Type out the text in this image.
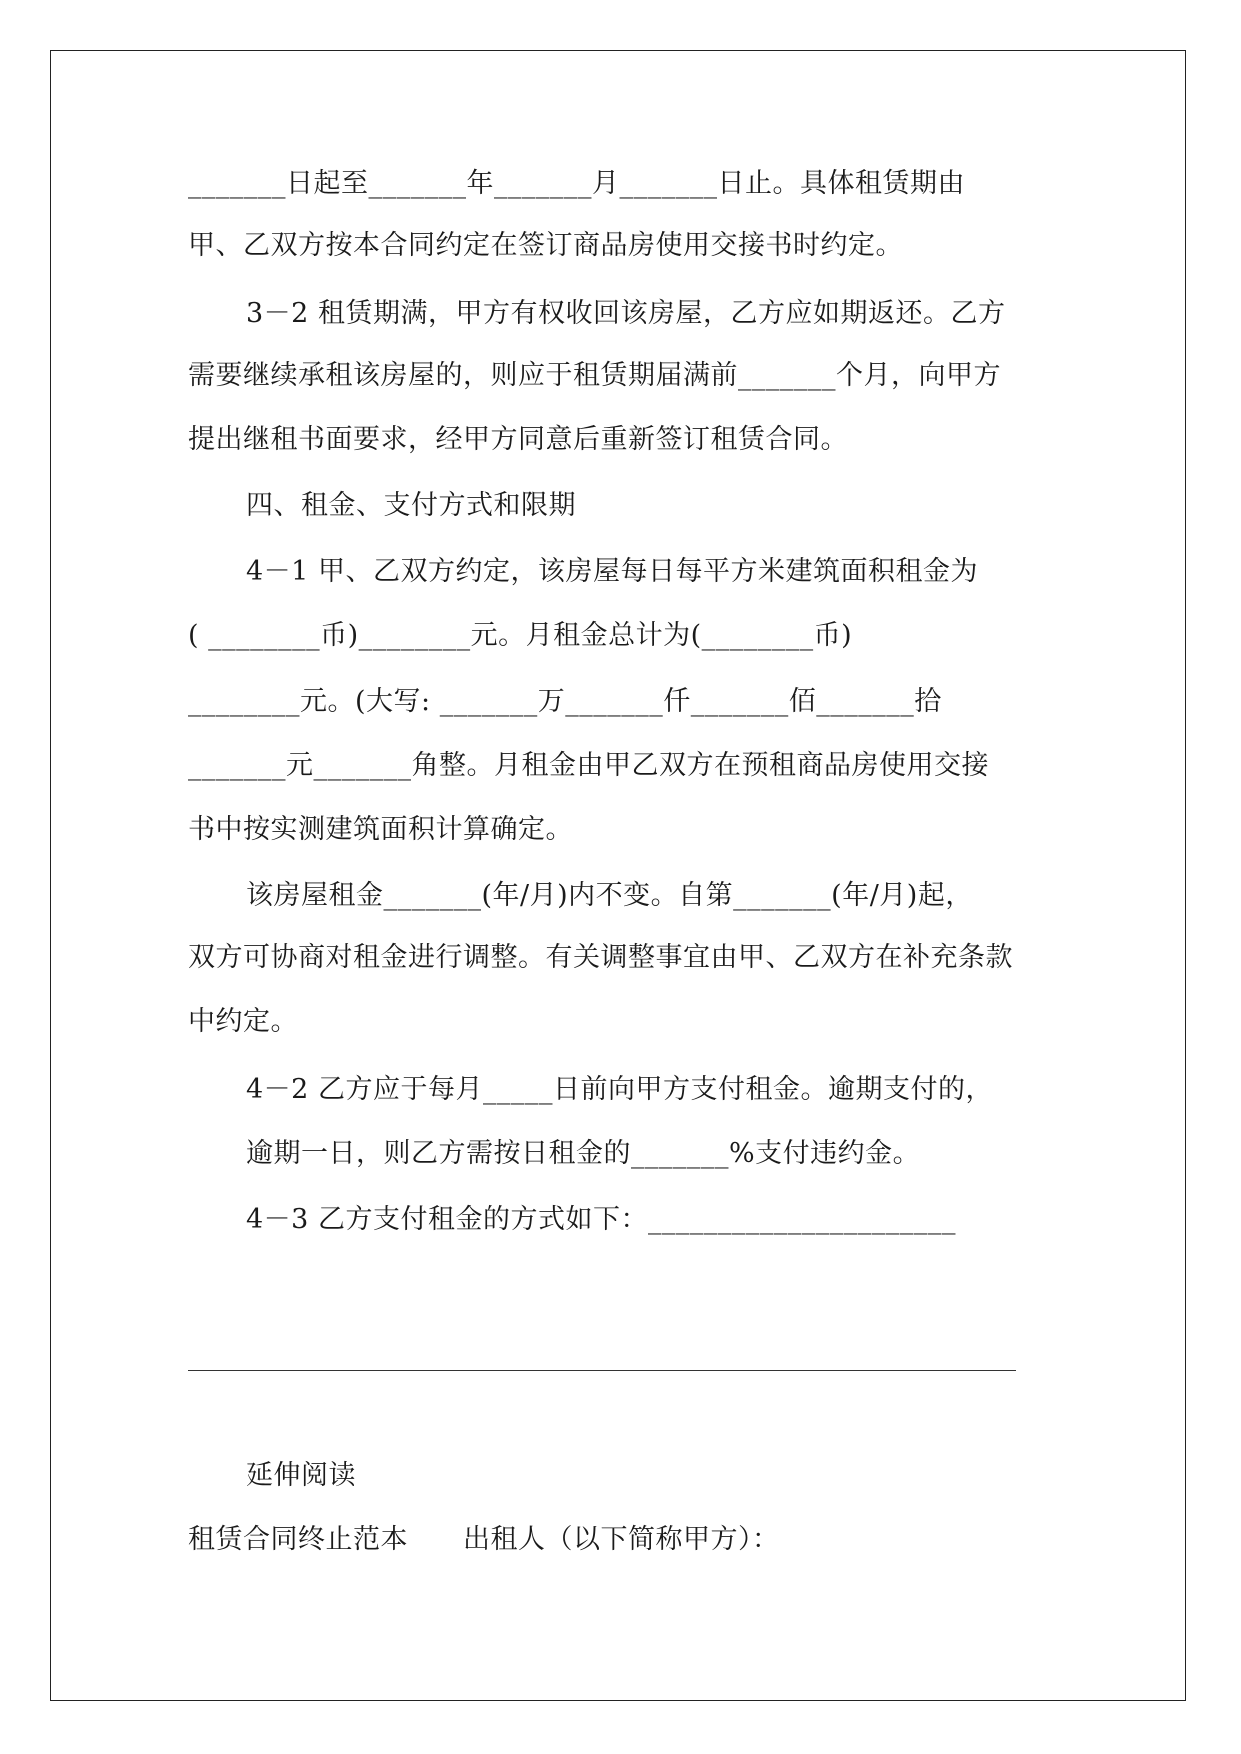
_______日起至_______年_______月_______日止。具体租赁期由
甲、乙双方按本合同约定在签订商品房使用交接书时约定。
3－2 租赁期满，甲方有权收回该房屋，乙方应如期返还。乙方
需要继续承租该房屋的，则应于租赁期届满前_______个月，向甲方
提出继租书面要求，经甲方同意后重新签订租赁合同。
四、租金、支付方式和限期
4－1 甲、乙双方约定，该房屋每日每平方米建筑面积租金为
( ________币)________元。月租金总计为(________币)
________元。(大写: _______万_______仟_______佰_______拾
_______元_______角整。月租金由甲乙双方在预租商品房使用交接
书中按实测建筑面积计算确定。
该房屋租金_______(年/月)内不变。自第_______(年/月)起，
双方可协商对租金进行调整。有关调整事宜由甲、乙双方在补充条款
中约定。
4－2 乙方应于每月_____日前向甲方支付租金。逾期支付的，
逾期一日，则乙方需按日租金的_______%支付违约金。
4－3 乙方支付租金的方式如下：______________________
延伸阅读
租赁合同终止范本　　出租人（以下简称甲方）：
